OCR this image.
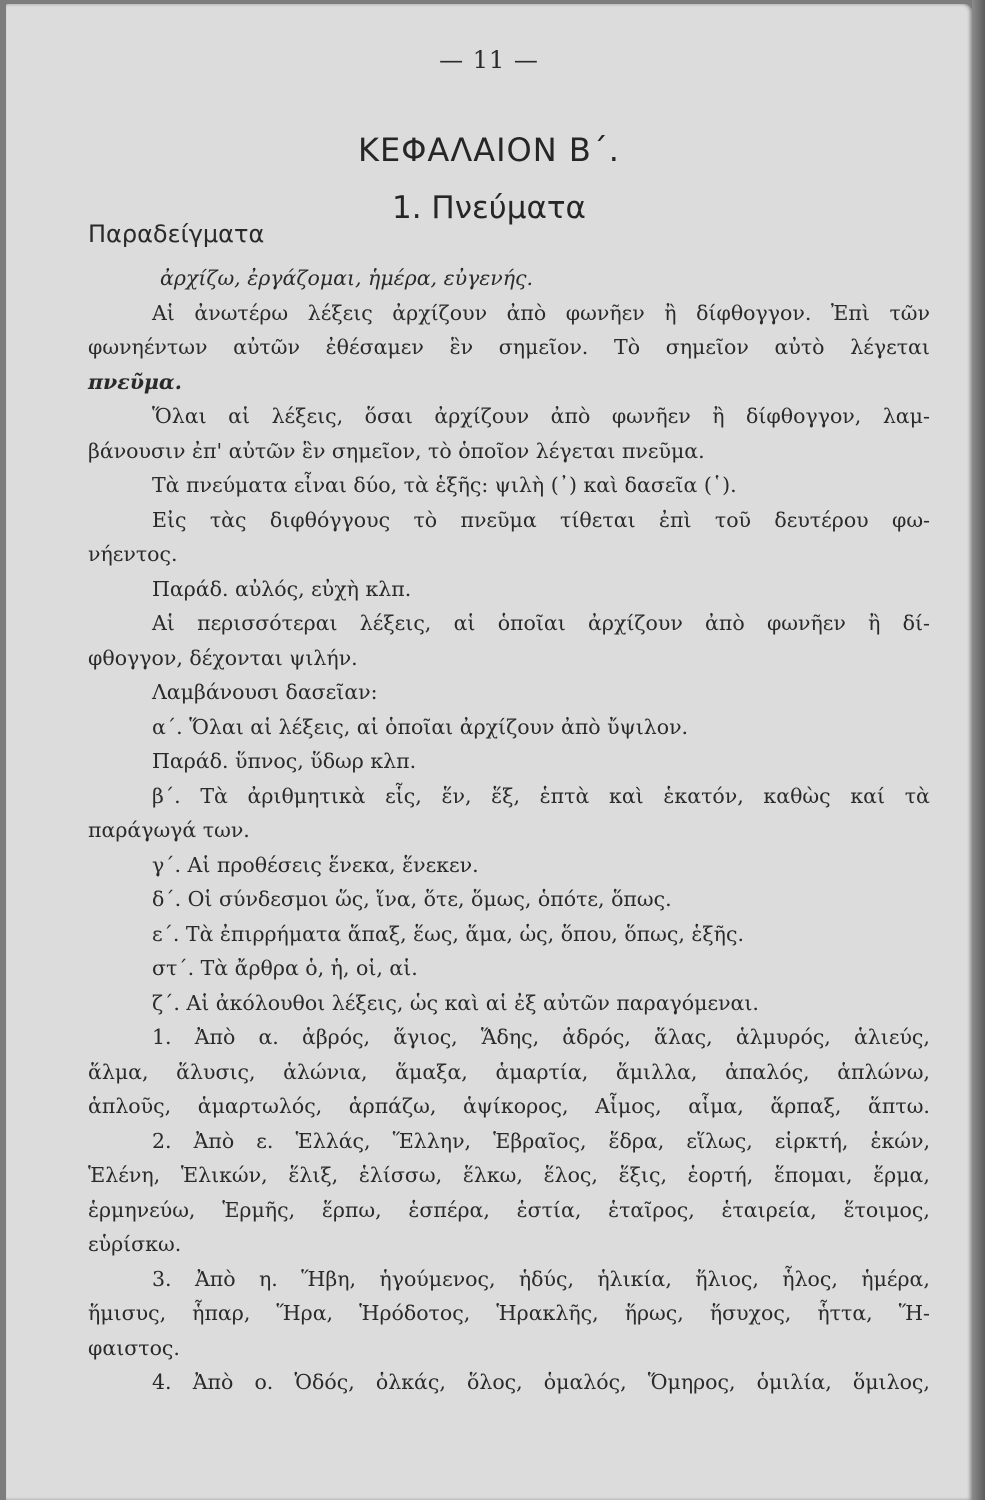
— 11 —
ΚΕΦΑΛΑΙΟΝ Β΄.
1. Πνεύματα
Παραδείγματα
ἀρχίζω, ἐργάζομαι, ἡμέρα, εὐγενής.
Αἱ ἀνωτέρω λέξεις ἀρχίζουν ἀπὸ φωνῆεν ἢ δίφθογγον. Ἐπὶ τῶν
φωνηέντων αὐτῶν ἐθέσαμεν ἓν σημεῖον. Τὸ σημεῖον αὐτὸ λέγεται
πνεῦμα.
Ὅλαι αἱ λέξεις, ὅσαι ἀρχίζουν ἀπὸ φωνῆεν ἢ δίφθογγον, λαμ-
βάνουσιν ἐπ' αὐτῶν ἓν σημεῖον, τὸ ὁποῖον λέγεται πνεῦμα.
Τὰ πνεύματα εἶναι δύο, τὰ ἑξῆς: ψιλὴ (᾿) καὶ δασεῖα (῾).
Εἰς τὰς διφθόγγους τὸ πνεῦμα τίθεται ἐπὶ τοῦ δευτέρου φω-
νήεντος.
Παράδ. αὐλός, εὐχὴ κλπ.
Αἱ περισσότεραι λέξεις, αἱ ὁποῖαι ἀρχίζουν ἀπὸ φωνῆεν ἢ δί-
φθογγον, δέχονται ψιλήν.
Λαμβάνουσι δασεῖαν:
α΄. Ὅλαι αἱ λέξεις, αἱ ὁποῖαι ἀρχίζουν ἀπὸ ὔψιλον.
Παράδ. ὕπνος, ὕδωρ κλπ.
β΄. Τὰ ἀριθμητικὰ εἷς, ἕν, ἕξ, ἑπτὰ καὶ ἑκατόν, καθὼς καί τὰ
παράγωγά των.
γ΄. Αἱ προθέσεις ἕνεκα, ἕνεκεν.
δ΄. Οἱ σύνδεσμοι ὥς, ἵνα, ὅτε, ὅμως, ὁπότε, ὅπως.
ε΄. Τὰ ἐπιρρήματα ἅπαξ, ἕως, ἅμα, ὡς, ὅπου, ὅπως, ἑξῆς.
στ΄. Τὰ ἄρθρα ὁ, ἡ, οἱ, αἱ.
ζ΄. Αἱ ἀκόλουθοι λέξεις, ὡς καὶ αἱ ἐξ αὐτῶν παραγόμεναι.
1. Ἀπὸ α. ἁβρός, ἅγιος, Ἅδης, ἁδρός, ἅλας, ἁλμυρός, ἁλιεύς,
ἅλμα, ἅλυσις, ἁλώνια, ἅμαξα, ἁμαρτία, ἅμιλλα, ἁπαλός, ἁπλώνω,
ἁπλοῦς, ἁμαρτωλός, ἁρπάζω, ἁψίκορος, Αἷμος, αἷμα, ἅρπαξ, ἅπτω.
2. Ἀπὸ ε. Ἑλλάς, Ἕλλην, Ἑβραῖος, ἕδρα, εἵλως, εἱρκτή, ἑκών,
Ἑλένη, Ἑλικών, ἕλιξ, ἑλίσσω, ἕλκω, ἕλος, ἕξις, ἑορτή, ἕπομαι, ἕρμα,
ἑρμηνεύω, Ἑρμῆς, ἕρπω, ἑσπέρα, ἑστία, ἑταῖρος, ἑταιρεία, ἕτοιμος,
εὑρίσκω.
3. Ἀπὸ η. Ἥβη, ἡγούμενος, ἡδύς, ἡλικία, ἥλιος, ἧλος, ἡμέρα,
ἥμισυς, ἧπαρ, Ἥρα, Ἡρόδοτος, Ἡρακλῆς, ἥρως, ἥσυχος, ἧττα, Ἥ-
φαιστος.
4. Ἀπὸ ο. Ὁδός, ὁλκάς, ὅλος, ὁμαλός, Ὅμηρος, ὁμιλία, ὅμιλος,
